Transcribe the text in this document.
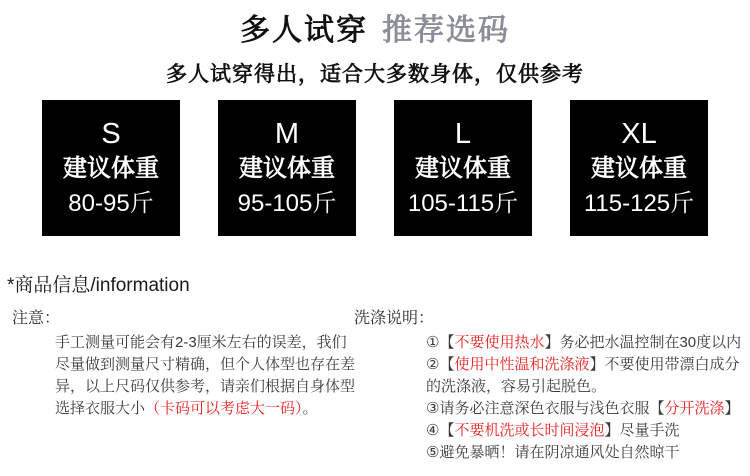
多人试穿 推荐选码
多人试穿得出，适合大多数身体，仅供参考
S
建议体重
80-95斤
M
建议体重
95-105斤
L
建议体重
105-115斤
XL
建议体重
115-125斤
*商品信息/information
注意：

手工测量可能会有2-3厘米左右的误差，我们尽量做到测量尺寸精确，但个人体型也存在差异，以上尺码仅供参考，请亲们根据自身体型选择衣服大小（卡码可以考虑大一码）。

洗涤说明：

①【不要使用热水】务必把水温控制在30度以内

②【使用中性温和洗涤液】不要使用带漂白成分的洗涤液，容易引起脱色。

③请务必注意深色衣服与浅色衣服【分开洗涤】

④【不要机洗或长时间浸泡】尽量手洗

⑤避免暴晒！请在阴凉通风处自然晾干
